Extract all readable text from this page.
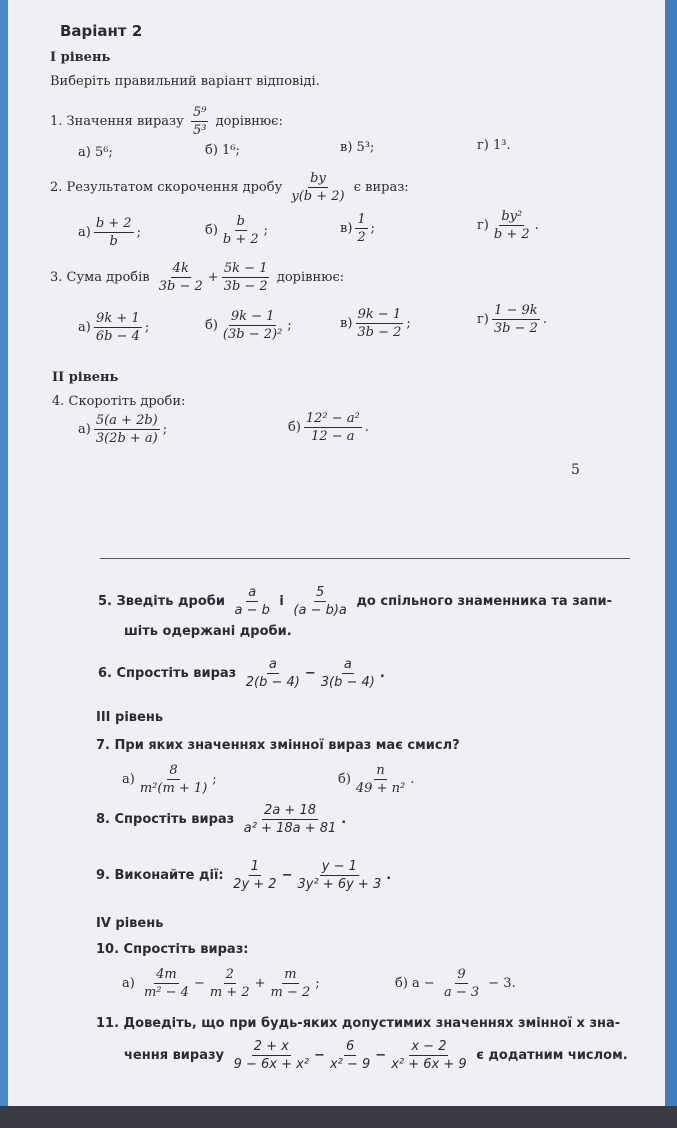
Варіант 2
І рівень
Виберіть правильний варіант відповіді.
1. Значення виразу $\frac{\text{5⁹}}{\text{5³}}$ дорівнює:
а) 5⁶;	б) 1⁶;	в) 5³;	г) 1³.
2. Результатом скорочення дробу $\frac{by}{y(b + 2)}$ є вираз:
$а) \frac{b + 2}{b}$ ;	$б) \frac{b}{b + 2}$ ;	$в) \frac{1}{2}$ ;	$г) \frac{\text{by²}}{b + 2}$ .
3. Сума дробів $\frac{4k}{3b - 2} + \frac{5k - 1}{3b - 2}$ дорівнює:
$а) \frac{9k + 1}{6b - 4}$ ;	$б) \frac{9k - 1}{\text{(3b − 2)²}}$ ;	$в) \frac{9k - 1}{3b - 2}$ ;	$г) \frac{1 - 9k}{3b - 2}$ .
ІІ рівень
4. Скоротіть дроби:
$а) \frac{5(a + 2b)}{3(2b + a)}$ ;	$б) \frac{\text{12² − a²}}{12 - a}$ .
5
5. Зведіть дроби $\frac{a}{a - b}$ і $\frac{5}{(a - b)a}$ до спільного знаменника та запи-
шіть одержані дроби.
6. Спростіть вираз $\frac{a}{2(b - 4)} - \frac{a}{3(b - 4)}$ .
ІІІ рівень
7. При яких значеннях змінної вираз має смисл?
$а) \frac{8}{\text{m²(m + 1)}}$ ;	$б) \frac{n}{\text{49 + n²}}$ .
8. Спростіть вираз $\frac{2a + 18}{\text{a² + 18a + 81}}$ .
9. Виконайте дії: $\frac{1}{2y + 2} - \frac{y - 1}{\text{3y² + 6y + 3}}$ .
IV рівень
10. Спростіть вираз:
$а) \frac{4m}{\text{m² − 4}} - \frac{2}{m + 2} + \frac{m}{m - 2}$ ;	б) $a - \frac{9}{a - 3} - 3$.
11. Доведіть, що при будь-яких допустимих значеннях змінної x зна-
чення виразу $\frac{2 + x}{\text{9 − 6x + x²}} - \frac{6}{\text{x² − 9}} - \frac{x - 2}{\text{x² + 6x + 9}}$ є додатним числом.
